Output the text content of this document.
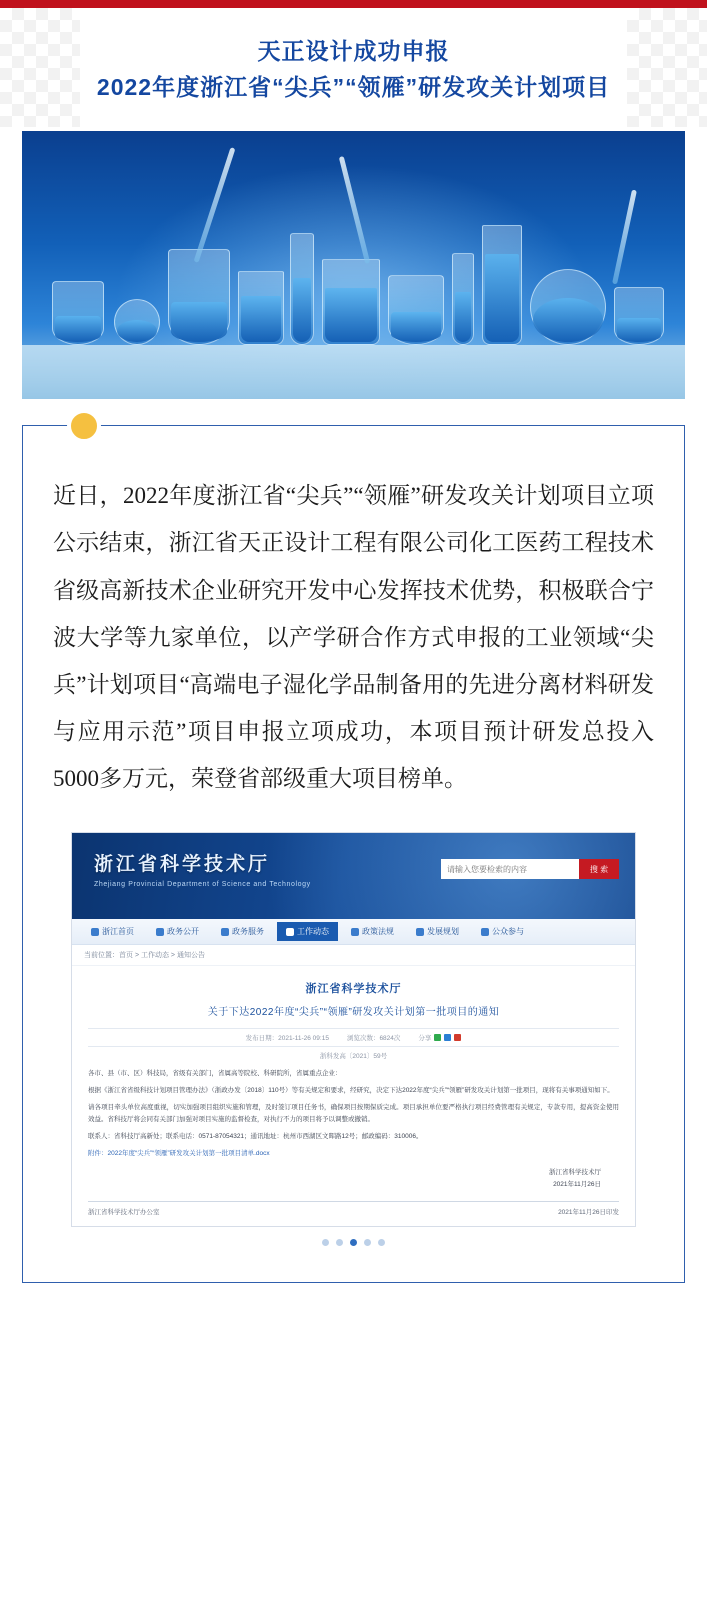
天正设计成功申报
2022年度浙江省“尖兵”“领雁”研发攻关计划项目

近日，2022年度浙江省“尖兵”“领雁”研发攻关计划项目立项公示结束，浙江省天正设计工程有限公司化工医药工程技术省级高新技术企业研究开发中心发挥技术优势，积极联合宁波大学等九家单位，以产学研合作方式申报的工业领域“尖兵”计划项目“高端电子湿化学品制备用的先进分离材料研发与应用示范”项目申报立项成功，本项目预计研发总投入5000多万元，荣登省部级重大项目榜单。

浙江省科学技术厅
Zhejiang Provincial Department of Science and Technology
请输入您要检索的内容
搜 索
浙江首页	政务公开	政务服务	工作动态	政策法规	发展规划	公众参与
当前位置：首页 > 工作动态 > 通知公告
浙江省科学技术厅
关于下达2022年度“尖兵”“领雁”研发攻关计划第一批项目的通知
发布日期：2021-11-26 09:15	浏览次数：6824次	分享
浙科发高〔2021〕59号

各市、县（市、区）科技局，省级有关部门，省属高等院校、科研院所，省属重点企业：

根据《浙江省省级科技计划项目管理办法》（浙政办发〔2018〕110号）等有关规定和要求，经研究，决定下达2022年度“尖兵”“领雁”研发攻关计划第一批项目，现将有关事项通知如下。

请各项目牵头单位高度重视，切实加强项目组织实施和管理，及时签订项目任务书，确保项目按期保质完成。项目承担单位要严格执行项目经费管理有关规定，专款专用，提高资金使用效益。省科技厅将会同有关部门加强对项目实施的监督检查，对执行不力的项目将予以调整或撤销。

联系人：省科技厅高新处；联系电话：0571-87054321；通讯地址：杭州市西湖区文晖路12号；邮政编码：310006。

附件：2022年度“尖兵”“领雁”研发攻关计划第一批项目清单.docx
浙江省科学技术厅
2021年11月26日
浙江省科学技术厅办公室	2021年11月26日印发
